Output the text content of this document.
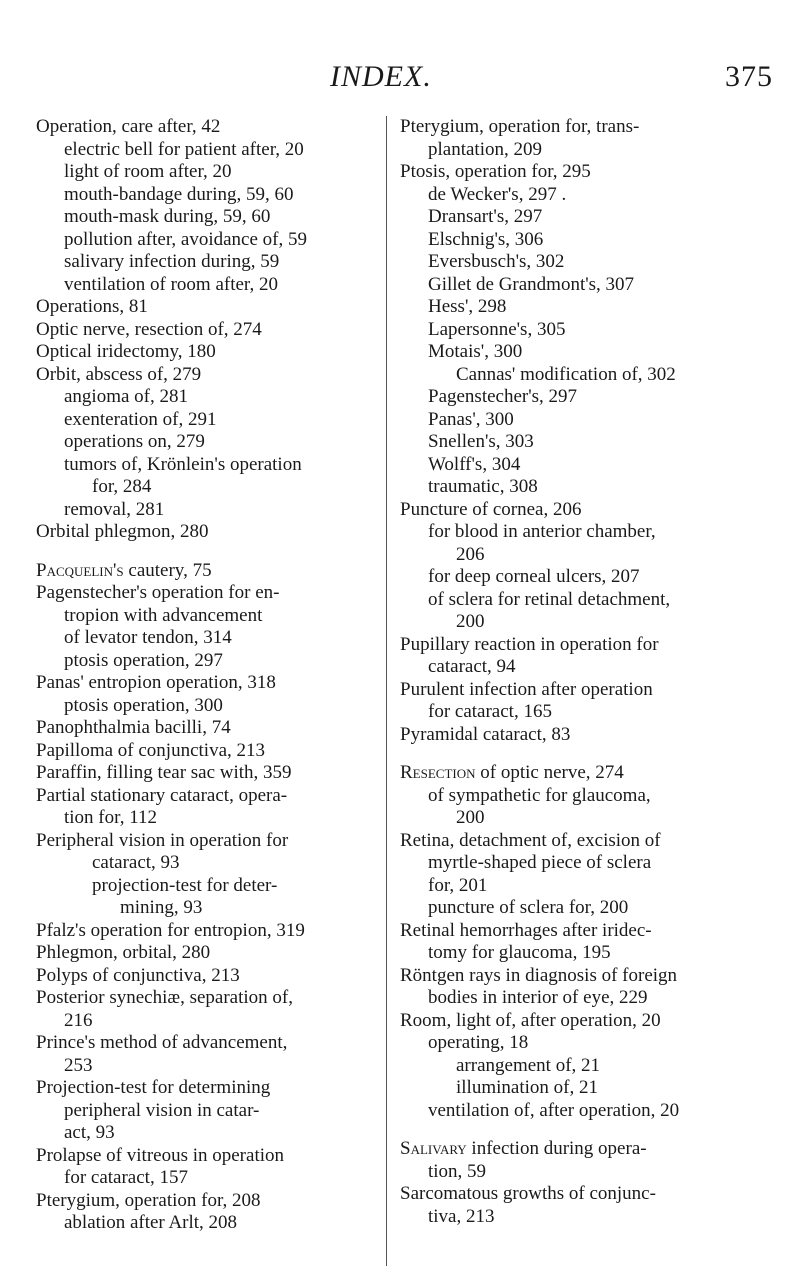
INDEX.	375
Operation, care after, 42
electric bell for patient after, 20
light of room after, 20
mouth-bandage during, 59, 60
mouth-mask during, 59, 60
pollution after, avoidance of, 59
salivary infection during, 59
ventilation of room after, 20
Operations, 81
Optic nerve, resection of, 274
Optical iridectomy, 180
Orbit, abscess of, 279
angioma of, 281
exenteration of, 291
operations on, 279
tumors of, Krönlein's operation
for, 284
removal, 281
Orbital phlegmon, 280
Pacquelin's cautery, 75
Pagenstecher's operation for en-
tropion with advancement
of levator tendon, 314
ptosis operation, 297
Panas' entropion operation, 318
ptosis operation, 300
Panophthalmia bacilli, 74
Papilloma of conjunctiva, 213
Paraffin, filling tear sac with, 359
Partial stationary cataract, opera-
tion for, 112
Peripheral vision in operation for
cataract, 93
projection-test for deter-
mining, 93
Pfalz's operation for entropion, 319
Phlegmon, orbital, 280
Polyps of conjunctiva, 213
Posterior synechiæ, separation of,
216
Prince's method of advancement,
253
Projection-test for determining
peripheral vision in catar-
act, 93
Prolapse of vitreous in operation
for cataract, 157
Pterygium, operation for, 208
ablation after Arlt, 208
Pterygium, operation for, trans-
plantation, 209
Ptosis, operation for, 295
de Wecker's, 297 .
Dransart's, 297
Elschnig's, 306
Eversbusch's, 302
Gillet de Grandmont's, 307
Hess', 298
Lapersonne's, 305
Motais', 300
Cannas' modification of, 302
Pagenstecher's, 297
Panas', 300
Snellen's, 303
Wolff's, 304
traumatic, 308
Puncture of cornea, 206
for blood in anterior chamber,
206
for deep corneal ulcers, 207
of sclera for retinal detachment,
200
Pupillary reaction in operation for
cataract, 94
Purulent infection after operation
for cataract, 165
Pyramidal cataract, 83
Resection of optic nerve, 274
of sympathetic for glaucoma,
200
Retina, detachment of, excision of
myrtle-shaped piece of sclera
for, 201
puncture of sclera for, 200
Retinal hemorrhages after iridec-
tomy for glaucoma, 195
Röntgen rays in diagnosis of foreign
bodies in interior of eye, 229
Room, light of, after operation, 20
operating, 18
arrangement of, 21
illumination of, 21
ventilation of, after operation, 20
Salivary infection during opera-
tion, 59
Sarcomatous growths of conjunc-
tiva, 213
